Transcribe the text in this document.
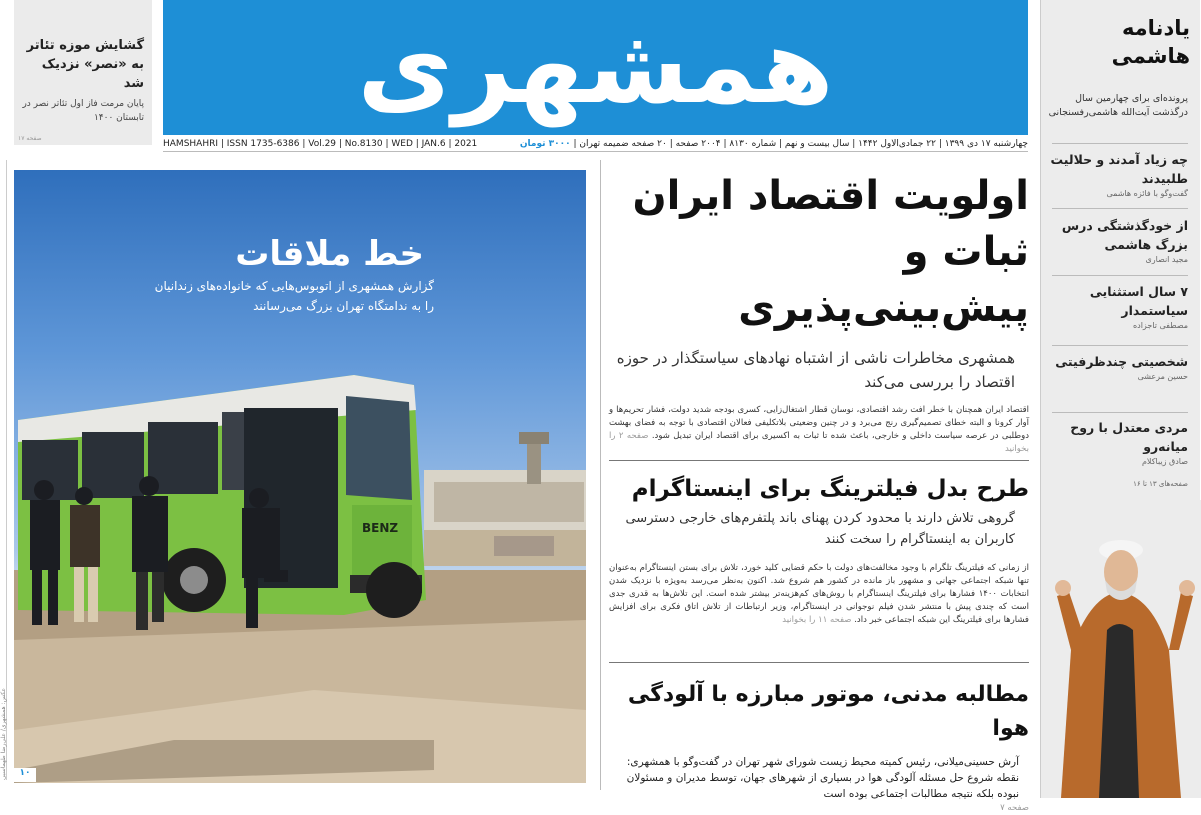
همشهری
HAMSHAHRI | ISSN 1735-6386 | Vol.29 | No.8130 | WED | JAN.6 | 2021	چهارشنبه ۱۷ دی ۱۳۹۹ | ۲۲ جمادی‌الاول ۱۴۴۲ | سال بیست و نهم | شماره ۸۱۳۰ | ۲۰۰۴ صفحه | ۲۰ صفحه ضمیمه تهران | ۳۰۰۰ تومان
گشایش موزه تئاتر به «نصر» نزدیک شد
پایان مرمت فاز اول تئاتر نصر در تابستان ۱۴۰۰
صفحه ۱۷
عکس: همشهری/ علی‌رضا طهماسبی
BENZ
خط ملاقات
گزارش همشهری از اتوبوس‌هایی که خانواده‌های زندانیان را به ندامتگاه تهران بزرگ می‌رسانند
۱۰
اولویت اقتصاد ایران ثبات و پیش‌بینی‌پذیری
همشهری مخاطرات ناشی از اشتباه نهادهای سیاستگذار در حوزه اقتصاد را بررسی می‌کند
اقتصاد ایران همچنان با خطر افت رشد اقتصادی، نوسان قطار اشتغال‌زایی، کسری بودجه شدید دولت، فشار تحریم‌ها و آوار کرونا و البته خطای تصمیم‌گیری رنج می‌برد و در چنین وضعیتی بلاتکلیفی فعالان اقتصادی با توجه به فضای بهشت دوطلبی در عرصه سیاست داخلی و خارجی، باعث شده تا ثبات به اکسیری برای اقتصاد ایران تبدیل شود. صفحه ۲ را بخوانید
طرح بدل فیلترینگ برای اینستاگرام
گروهی تلاش دارند با محدود کردن پهنای باند پلتفرم‌های خارجی دسترسی کاربران به اینستاگرام را سخت کنند
از زمانی که فیلترینگ تلگرام با وجود مخالفت‌های دولت با حکم قضایی کلید خورد، تلاش برای بستن اینستاگرام به‌عنوان تنها شبکه اجتماعی جهانی و مشهور باز مانده در کشور هم شروع شد. اکنون به‌نظر می‌رسد به‌ویژه با نزدیک شدن انتخابات ۱۴۰۰ فشارها برای فیلترینگ اینستاگرام با روش‌های کم‌هزینه‌تر بیشتر شده است. این تلاش‌ها به قدری جدی است که چندی پیش با منتشر شدن فیلم نوجوانی در اینستاگرام، وزیر ارتباطات از تلاش اتاق فکری برای افزایش فشارها برای فیلترینگ این شبکه اجتماعی خبر داد. صفحه ۱۱ را بخوانید
مطالبه مدنی، موتور مبارزه با آلودگی هوا
آرش حسینی‌میلانی، رئیس کمیته محیط زیست شورای شهر تهران در گفت‌وگو با همشهری: نقطه شروع حل مسئله آلودگی هوا در بسیاری از شهرهای جهان، توسط مدیران و مسئولان نبوده بلکه نتیجه مطالبات اجتماعی بوده است
صفحه ۷
یادنامه هاشمی
پرونده‌ای برای چهارمین سال درگذشت آیت‌الله هاشمی‌رفسنجانی
چه زیاد آمدند و حلالیت طلبیدند
گفت‌وگو با فائزه هاشمی
از خودگذشتگی درس بزرگ هاشمی
مجید انصاری
۷ سال استثنایی سیاستمدار
مصطفی تاجزاده
شخصیتی چندظرفیتی
حسین مرعشی
مردی معتدل با روح میانه‌رو
صادق زیباکلام
صفحه‌های ۱۳ تا ۱۶
